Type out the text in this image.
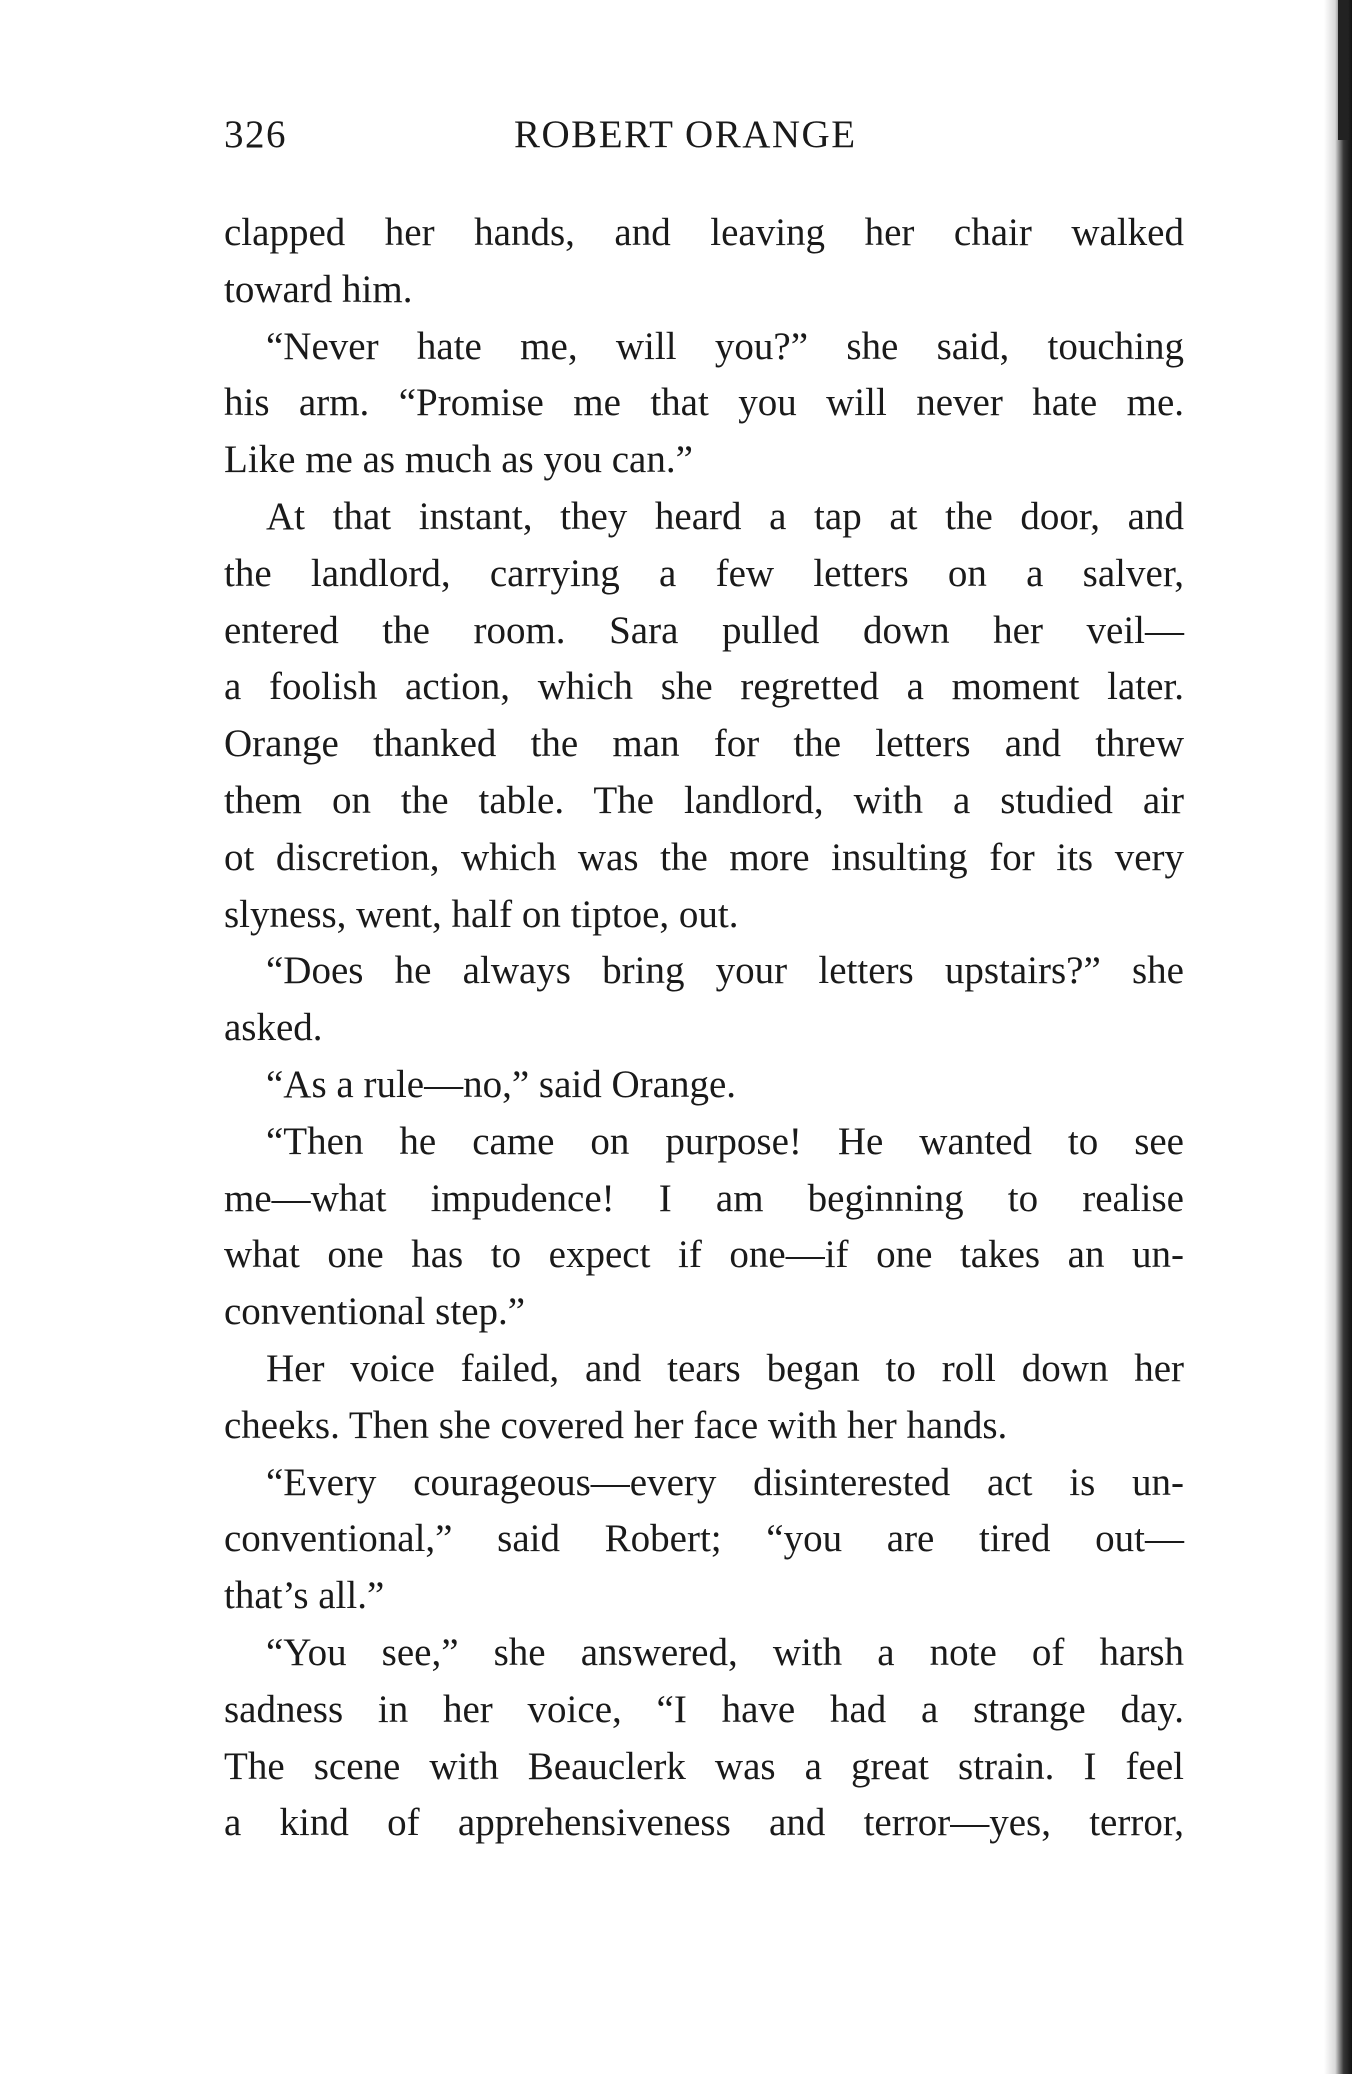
326	ROBERT ORANGE
clapped her hands, and leaving her chair walked
toward him.
“Never hate me, will you?” she said, touching
his arm. “Promise me that you will never hate me.
Like me as much as you can.”
At that instant, they heard a tap at the door, and
the landlord, carrying a few letters on a salver,
entered the room. Sara pulled down her veil—
a foolish action, which she regretted a moment later.
Orange thanked the man for the letters and threw
them on the table. The landlord, with a studied air
ot discretion, which was the more insulting for its very
slyness, went, half on tiptoe, out.
“Does he always bring your letters upstairs?” she
asked.
“As a rule—no,” said Orange.
“Then he came on purpose! He wanted to see
me—what impudence! I am beginning to realise
what one has to expect if one—if one takes an un-
conventional step.”
Her voice failed, and tears began to roll down her
cheeks. Then she covered her face with her hands.
“Every courageous—every disinterested act is un-
conventional,” said Robert; “you are tired out—
that’s all.”
“You see,” she answered, with a note of harsh
sadness in her voice, “I have had a strange day.
The scene with Beauclerk was a great strain. I feel
a kind of apprehensiveness and terror—yes, terror,
